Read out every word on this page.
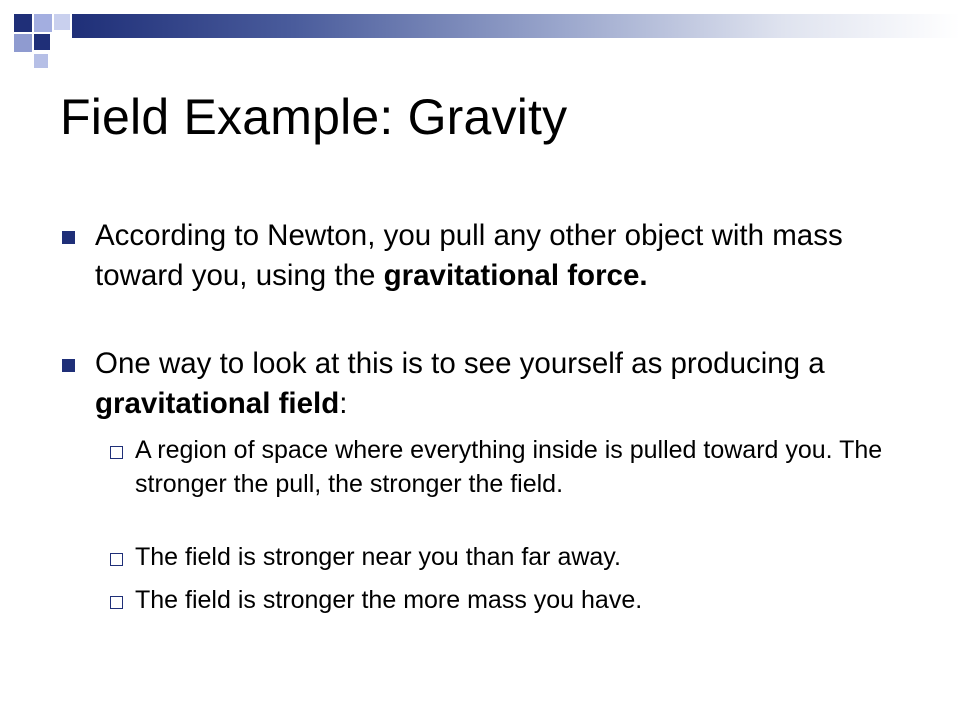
Field Example: Gravity

According to Newton, you pull any other object with mass toward you, using the gravitational force.

One way to look at this is to see yourself as producing a gravitational field:

A region of space where everything inside is pulled toward you. The stronger the pull, the stronger the field.

The field is stronger near you than far away.

The field is stronger the more mass you have.
